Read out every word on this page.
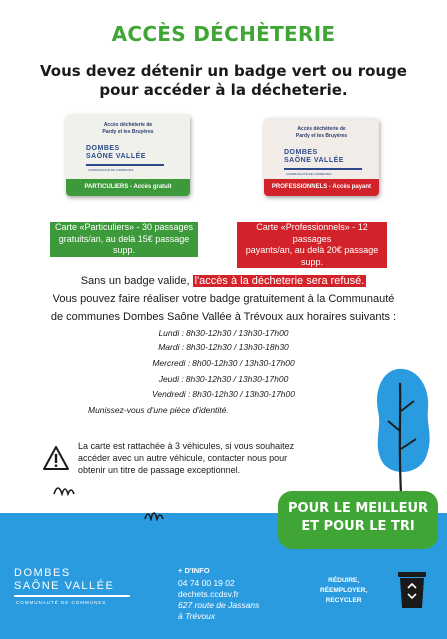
ACCÈS DÉCHÈTERIE
Vous devez détenir un badge vert ou rouge
pour accéder à la décheterie.
Accès déchèterie de
Pardy et les Bruyères
DOMBES
SAÔNE VALLÉE
COMMUNAUTÉ DE COMMUNES
PARTICULIERS - Accès gratuit
Accès déchèterie de
Pardy et les Bruyères
DOMBES
SAÔNE VALLÉE
COMMUNAUTÉ DE COMMUNES
PROFESSIONNELS - Accès payant
Carte «Particuliers» - 30 passages
gratuits/an, au delà 15€ passage supp.
Carte «Professionnels» - 12 passages
payants/an, au delà 20€ passage supp.
Sans un badge valide, l'accès à la décheterie sera refusé.
Vous pouvez faire réaliser votre badge gratuitement à la Communauté
de communes Dombes Saône Vallée à Trévoux aux horaires suivants :
Lundi : 8h30-12h30 / 13h30-17h00
Mardi : 8h30-12h30 / 13h30-18h30
Mercredi : 8h00-12h30 / 13h30-17h00
Jeudi : 8h30-12h30 / 13h30-17h00
Vendredi : 8h30-12h30 / 13h30-17h00
Munissez-vous d'une pièce d'identité.
La carte est rattachée à 3 véhicules, si vous souhaitez
accéder avec un autre véhicule, contacter nous pour
obtenir un titre de passage exceptionnel.
POUR LE MEILLEUR
ET POUR LE TRI
DOMBES
SAÔNE VALLÉE
COMMUNAUTÉ DE COMMUNES
+ D'INFO
04 74 00 19 02
dechets.ccdsv.fr
627 route de Jassans
à Trévoux
RÉDUIRE,
RÉEMPLOYER,
RECYCLER
